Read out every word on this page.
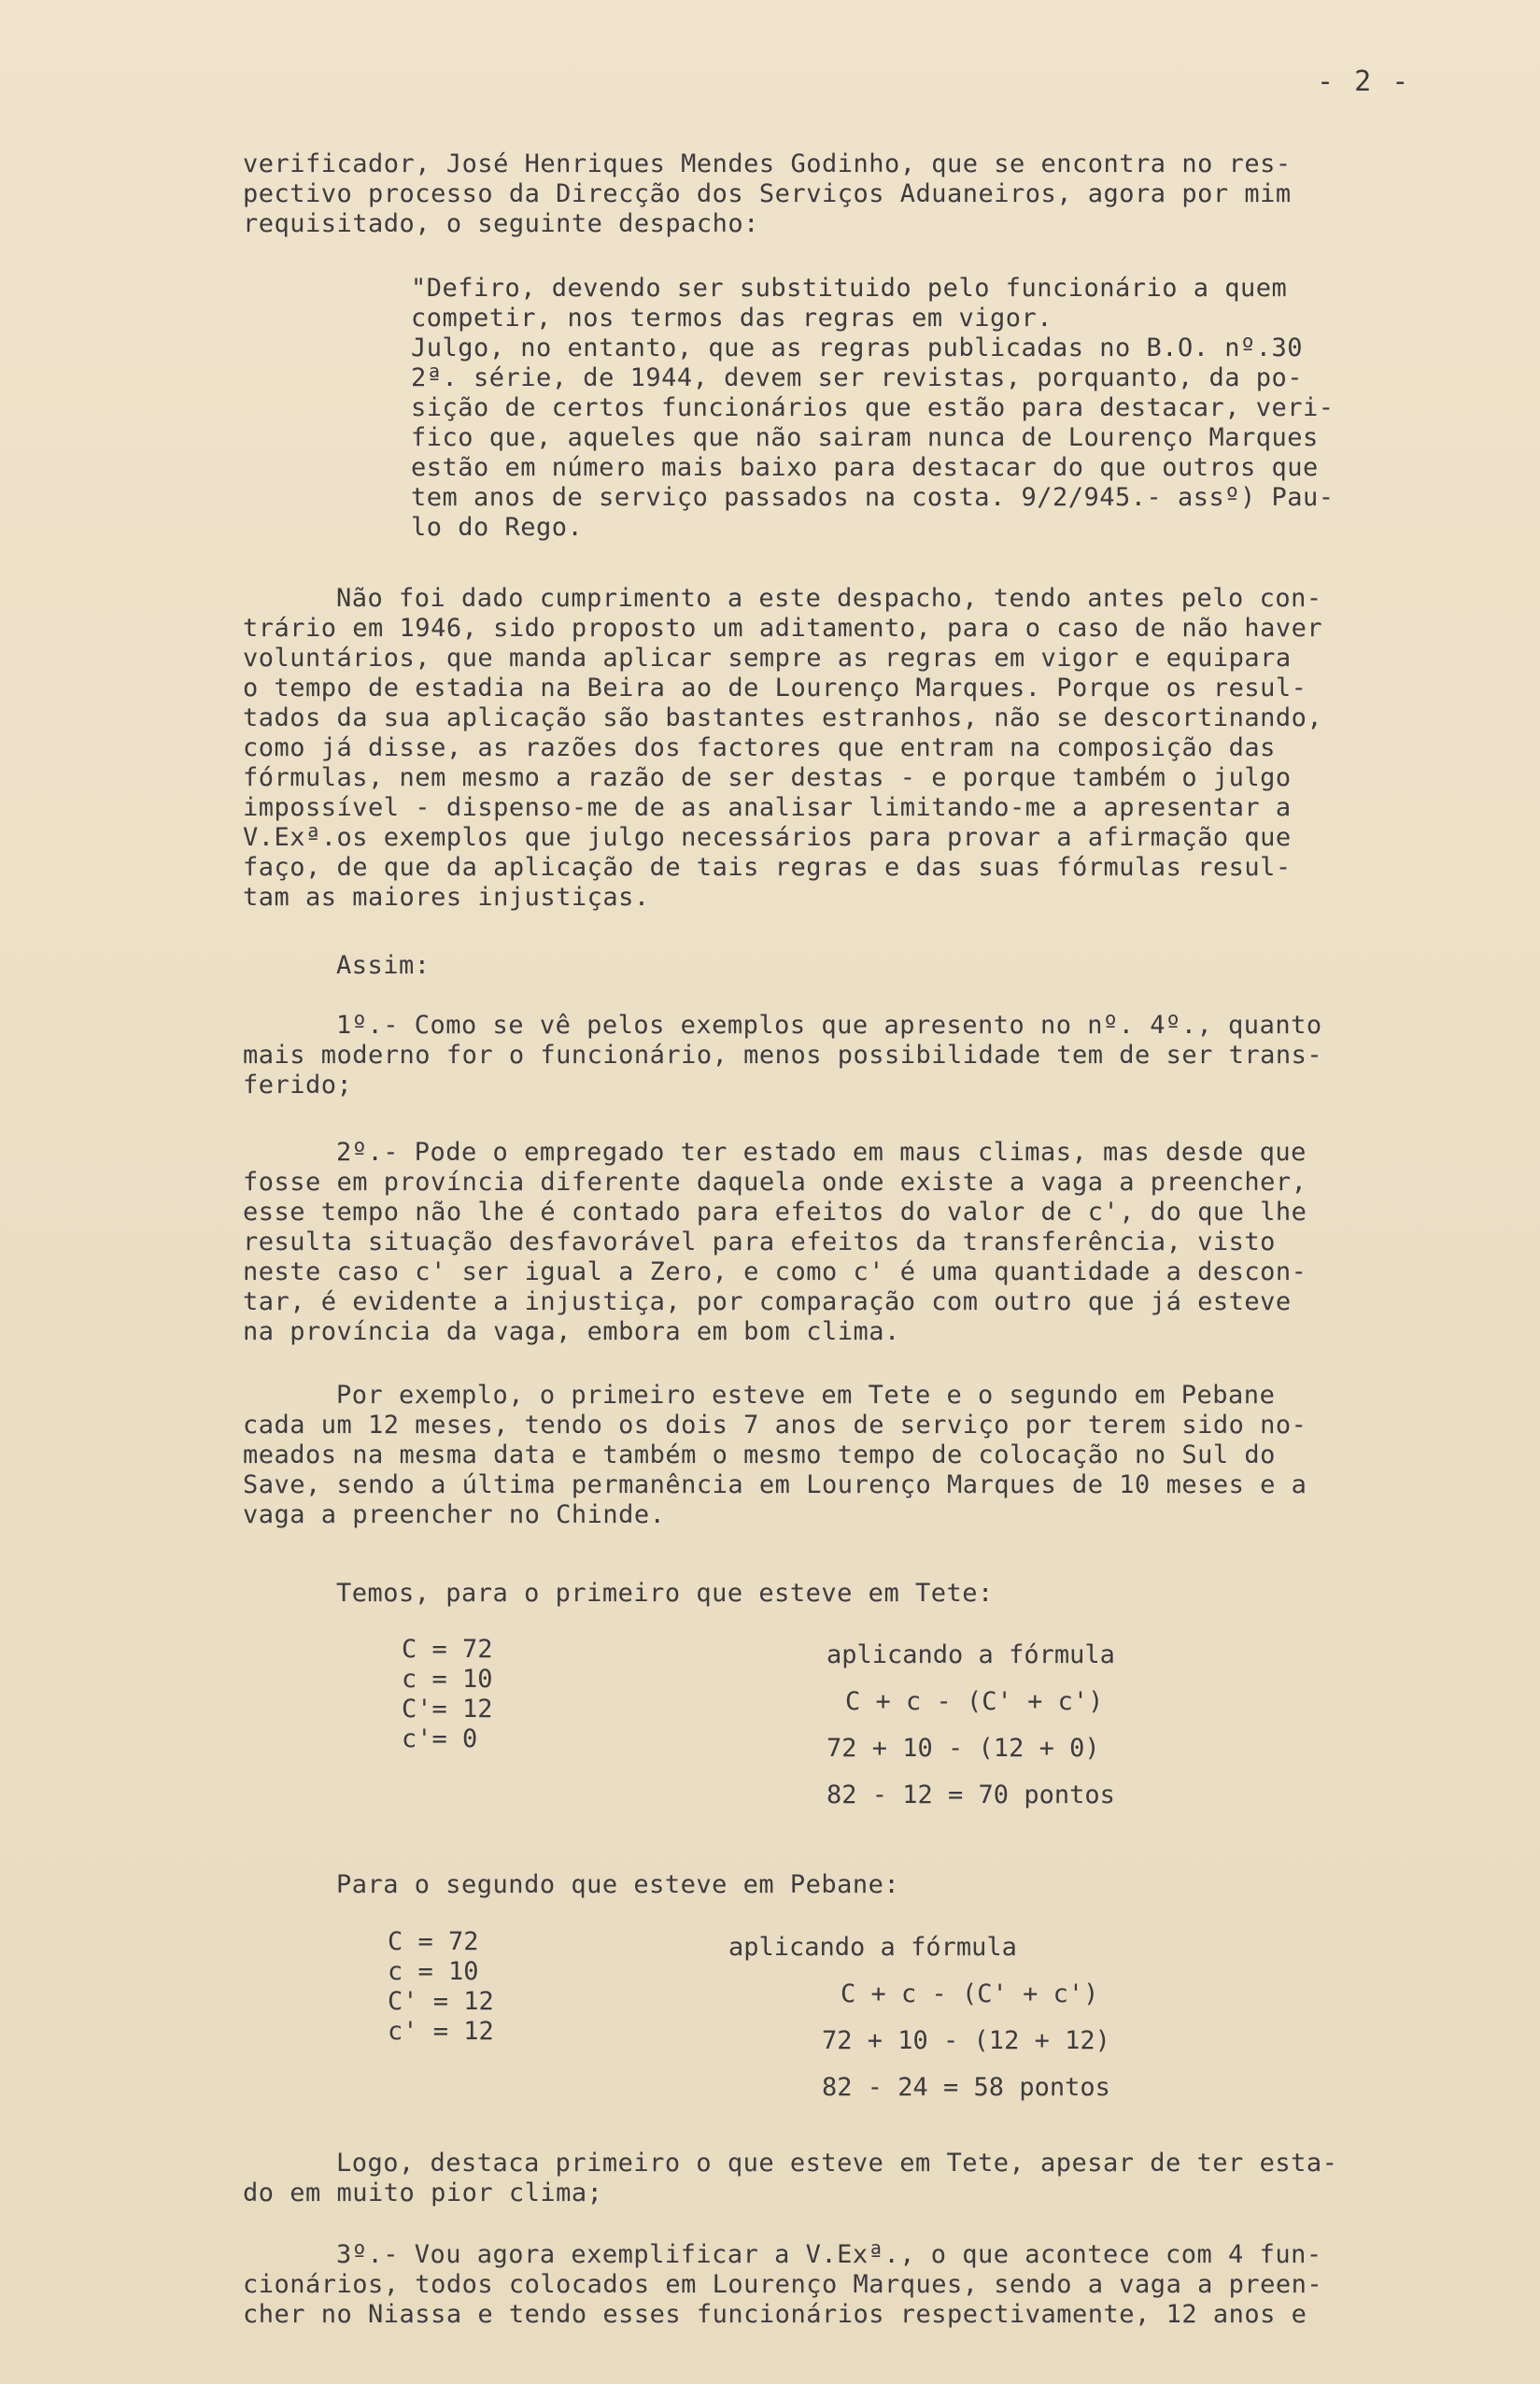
- 2 -

verificador, José Henriques Mendes Godinho, que se encontra no res-

pectivo processo da Direcção dos Serviços Aduaneiros, agora por mim

requisitado, o seguinte despacho:

"Defiro, devendo ser substituido pelo funcionário a quem

competir, nos termos das regras em vigor.

Julgo, no entanto, que as regras publicadas no B.O. nº.30

2ª. série, de 1944, devem ser revistas, porquanto, da po-

sição de certos funcionários que estão para destacar, veri-

fico que, aqueles que não sairam nunca de Lourenço Marques

estão em número mais baixo para destacar do que outros que

tem anos de serviço passados na costa. 9/2/945.- assº) Pau-

lo do Rego.

Não foi dado cumprimento a este despacho, tendo antes pelo con-

trário em 1946, sido proposto um aditamento, para o caso de não haver

voluntários, que manda aplicar sempre as regras em vigor e equipara

o tempo de estadia na Beira ao de Lourenço Marques. Porque os resul-

tados da sua aplicação são bastantes estranhos, não se descortinando,

como já disse, as razões dos factores que entram na composição das

fórmulas, nem mesmo a razão de ser destas - e porque também o julgo

impossível - dispenso-me de as analisar limitando-me a apresentar a

V.Exª.os exemplos que julgo necessários para provar a afirmação que

faço, de que da aplicação de tais regras e das suas fórmulas resul-

tam as maiores injustiças.

Assim:

1º.- Como se vê pelos exemplos que apresento no nº. 4º., quanto

mais moderno for o funcionário, menos possibilidade tem de ser trans-

ferido;

2º.- Pode o empregado ter estado em maus climas, mas desde que

fosse em província diferente daquela onde existe a vaga a preencher,

esse tempo não lhe é contado para efeitos do valor de c', do que lhe

resulta situação desfavorável para efeitos da transferência, visto

neste caso c' ser igual a Zero, e como c' é uma quantidade a descon-

tar, é evidente a injustiça, por comparação com outro que já esteve

na província da vaga, embora em bom clima.

Por exemplo, o primeiro esteve em Tete e o segundo em Pebane

cada um 12 meses, tendo os dois 7 anos de serviço por terem sido no-

meados na mesma data e também o mesmo tempo de colocação no Sul do

Save, sendo a última permanência em Lourenço Marques de 10 meses e a

vaga a preencher no Chinde.

Temos, para o primeiro que esteve em Tete:

C = 72
c = 10
C'= 12
c'= 0
aplicando a fórmula
C + c - (C' + c')
72 + 10 - (12 + 0)
82 - 12 = 70 pontos

Para o segundo que esteve em Pebane:

C = 72
c = 10
C' = 12
c' = 12
aplicando a fórmula
C + c - (C' + c')
72 + 10 - (12 + 12)
82 - 24 = 58 pontos

Logo, destaca primeiro o que esteve em Tete, apesar de ter esta-

do em muito pior clima;

3º.- Vou agora exemplificar a V.Exª., o que acontece com 4 fun-

cionários, todos colocados em Lourenço Marques, sendo a vaga a preen-

cher no Niassa e tendo esses funcionários respectivamente, 12 anos e
